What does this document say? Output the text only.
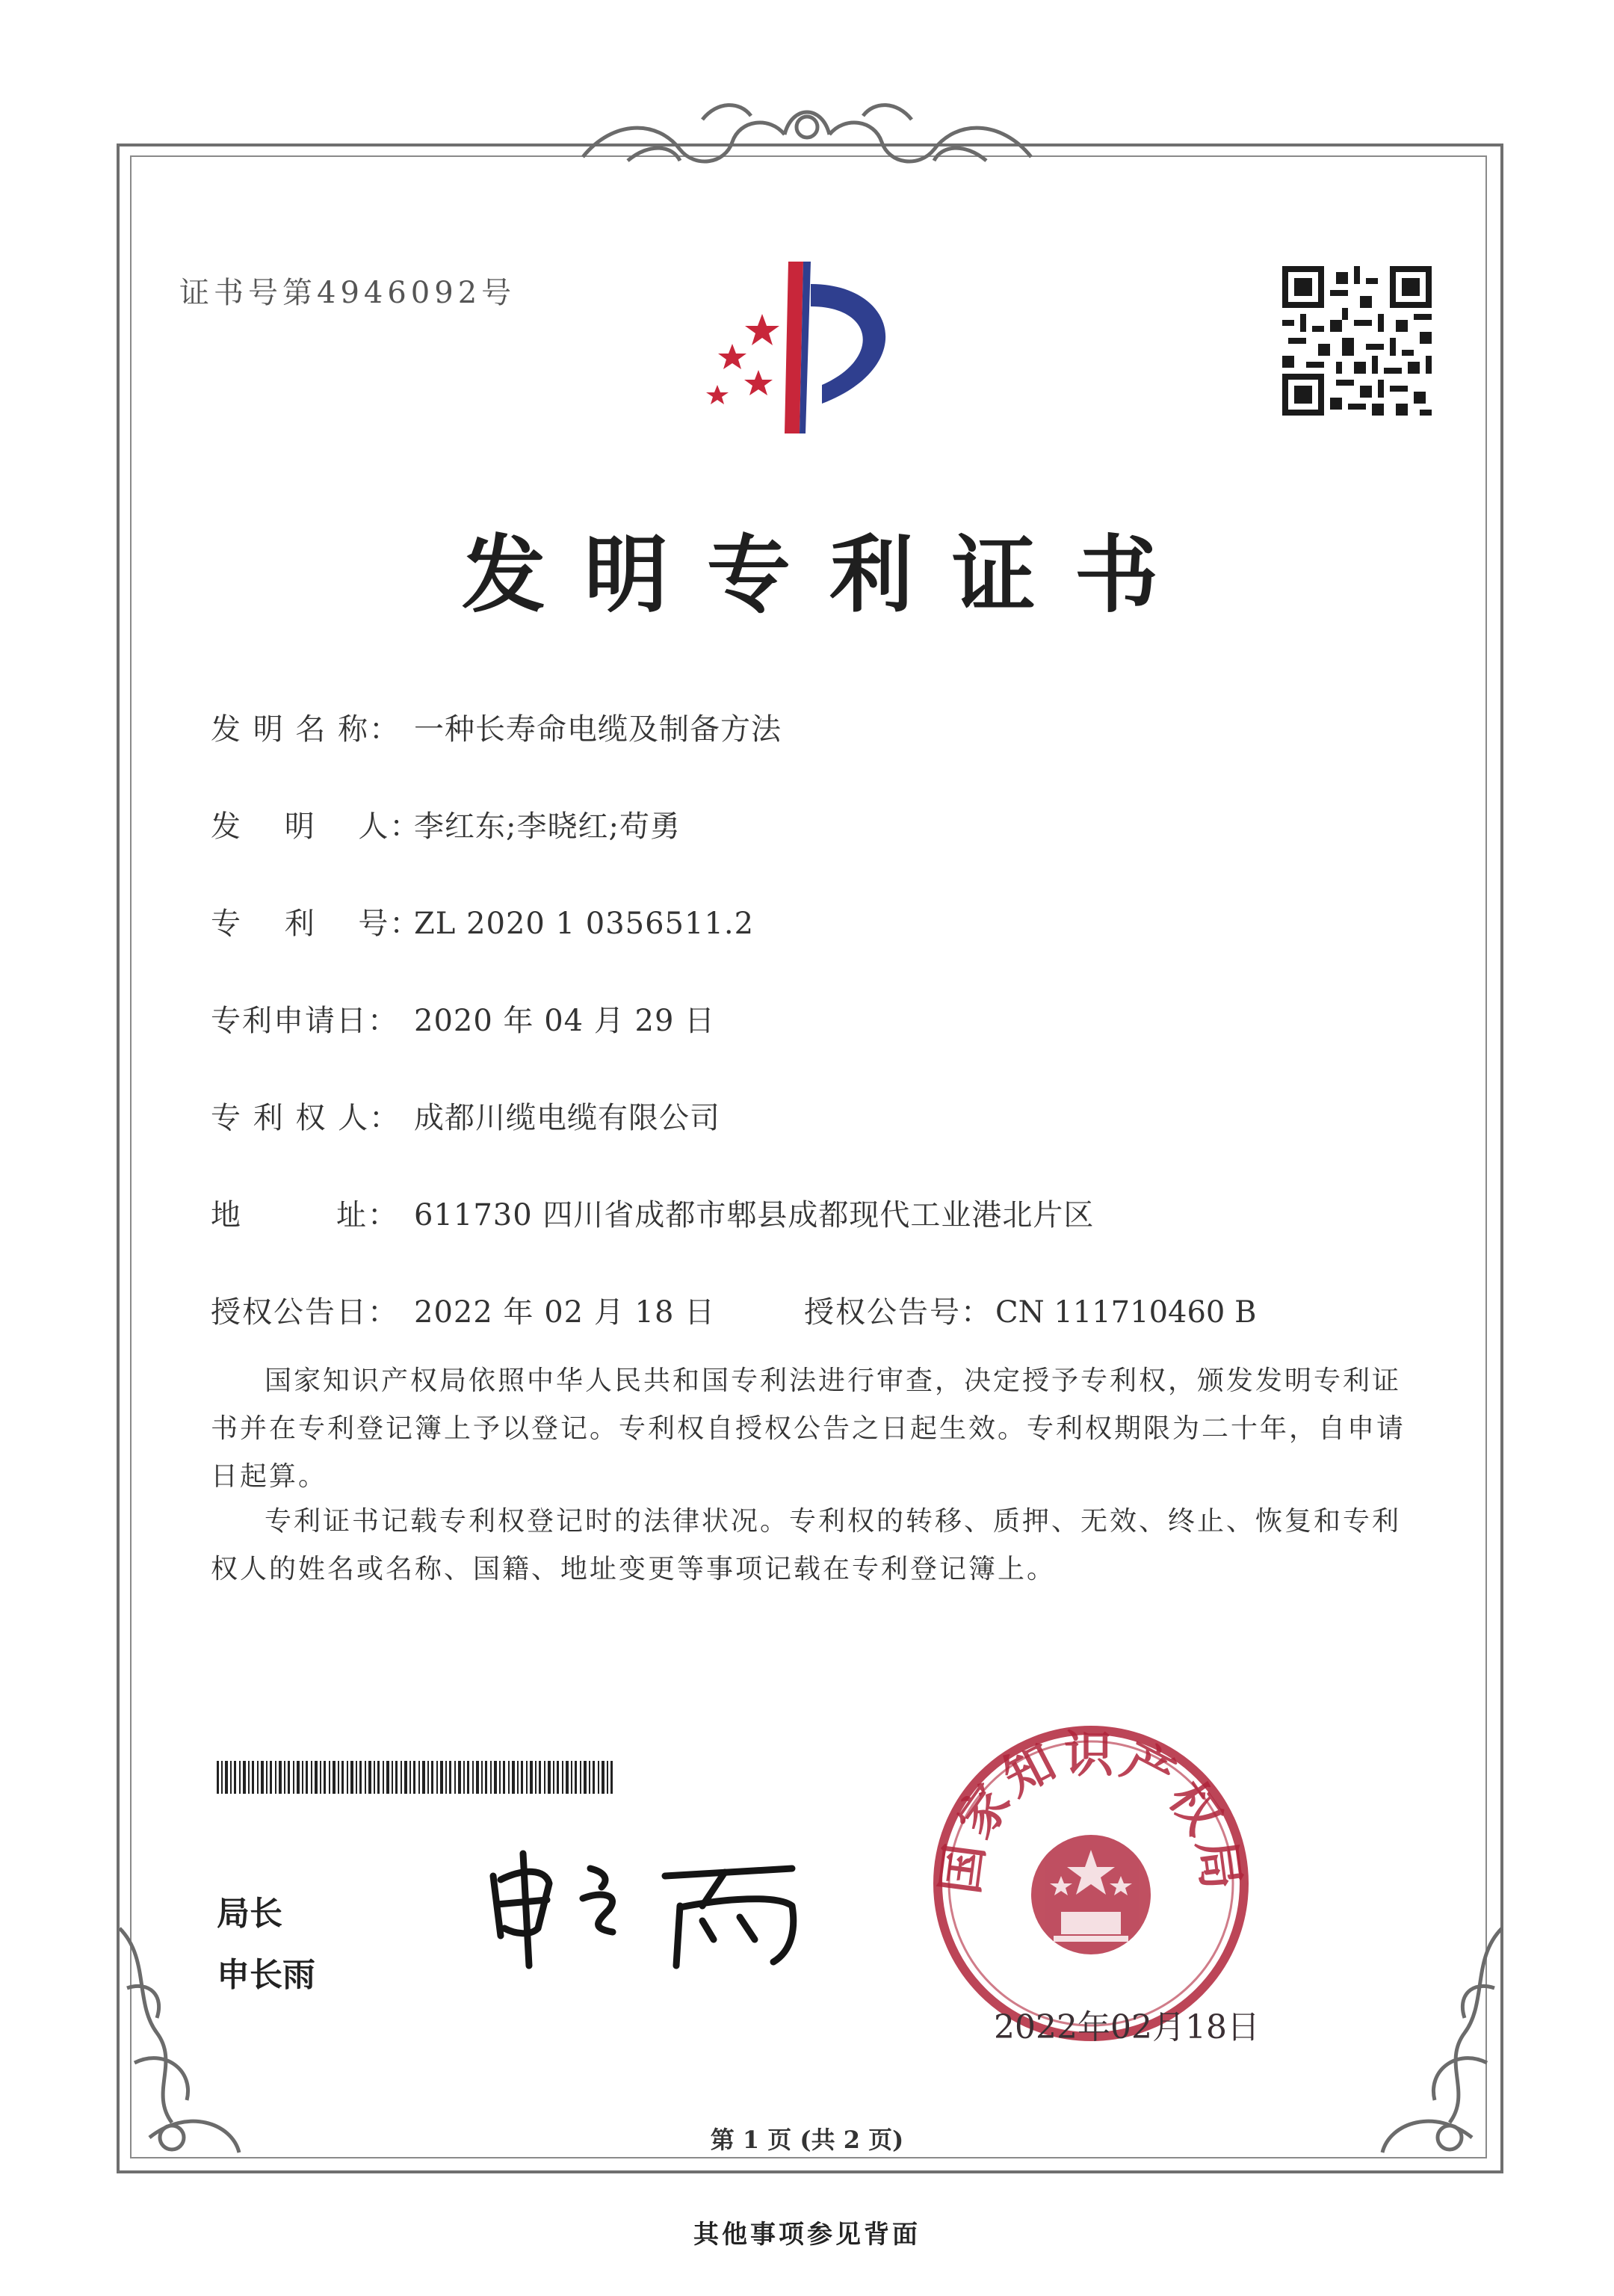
证书号第4946092号
发明专利证书
发 明 名 称： 一种长寿命电缆及制备方法
发　 明　 人：李红东;李晓红;苟勇
专　 利　 号：ZL 2020 1 0356511.2
专利申请日： 2020 年 04 月 29 日
专 利 权 人： 成都川缆电缆有限公司
地　　　址： 611730 四川省成都市郫县成都现代工业港北片区
授权公告日： 2022 年 02 月 18 日	授权公告号： CN 111710460 B
国家知识产权局依照中华人民共和国专利法进行审查，决定授予专利权，颁发发明专利证书并在专利登记簿上予以登记。专利权自授权公告之日起生效。专利权期限为二十年，自申请日起算。
专利证书记载专利权登记时的法律状况。专利权的转移、质押、无效、终止、恢复和专利权人的姓名或名称、国籍、地址变更等事项记载在专利登记簿上。
局长
申长雨
国家知识产权局
2022年02月18日
第 1 页 (共 2 页)
其他事项参见背面
